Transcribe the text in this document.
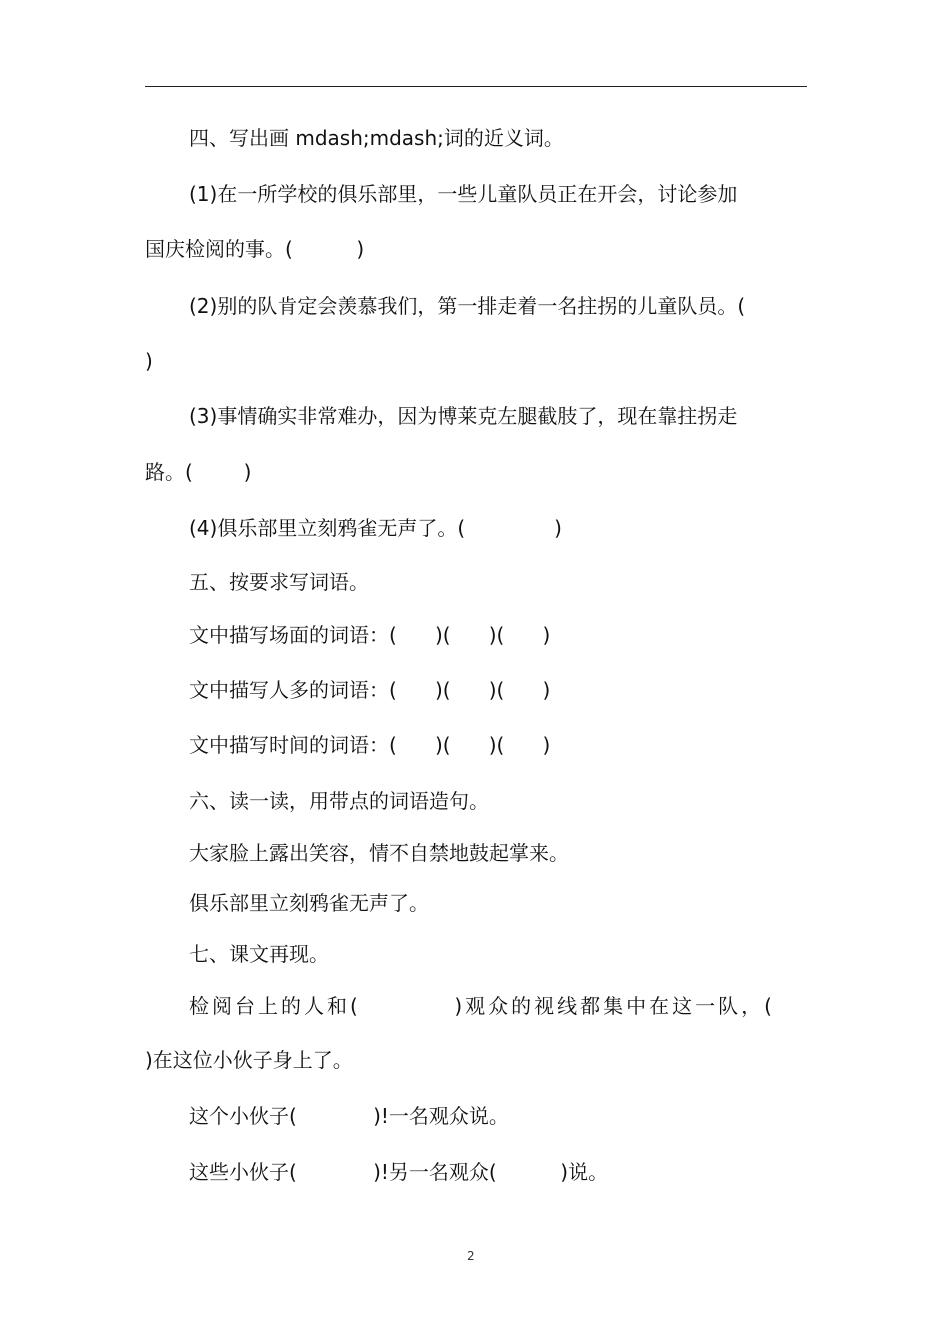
四、写出画 mdash;mdash;词的近义词。
(1)在一所学校的俱乐部里，一些儿童队员正在开会，讨论参加
国庆检阅的事。(          )
(2)别的队肯定会羡慕我们，第一排走着一名拄拐的儿童队员。(
)
(3)事情确实非常难办，因为博莱克左腿截肢了，现在靠拄拐走
路。(        )
(4)俱乐部里立刻鸦雀无声了。(              )
五、按要求写词语。
文中描写场面的词语：(      )(      )(      )
文中描写人多的词语：(      )(      )(      )
文中描写时间的词语：(      )(      )(      )
六、读一读，用带点的词语造句。
大家脸上露出笑容，情不自禁地鼓起掌来。
俱乐部里立刻鸦雀无声了。
七、课文再现。
检阅台上的人和(          )观众的视线都集中在这一队，(
)在这位小伙子身上了。
这个小伙子(            )!一名观众说。
这些小伙子(            )!另一名观众(          )说。
2
